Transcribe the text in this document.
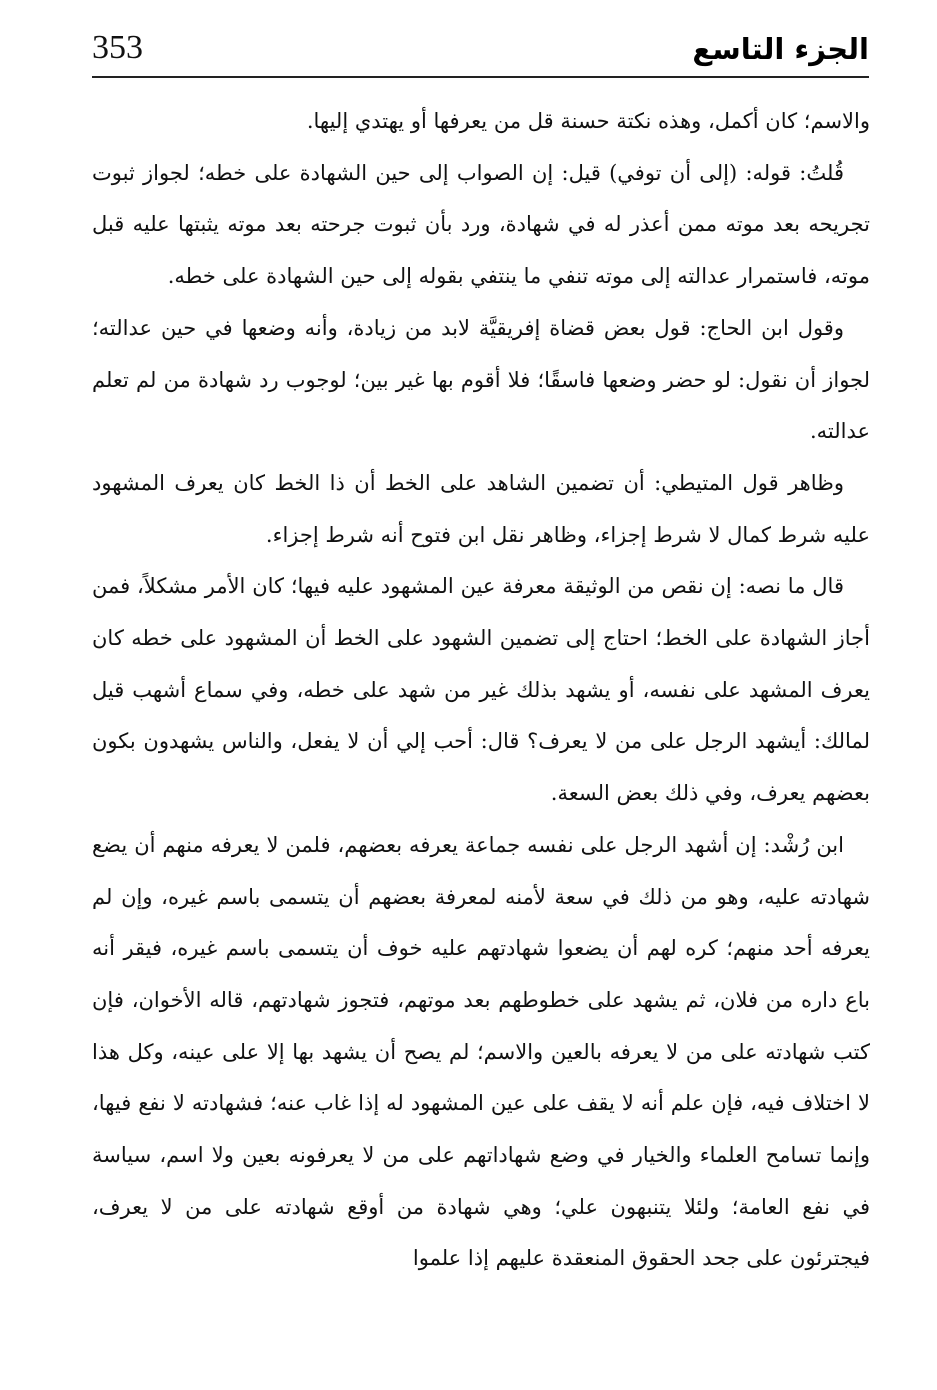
353	الجزء التاسع

والاسم؛ كان أكمل، وهذه نكتة حسنة قل من يعرفها أو يهتدي إليها.

قُلتُ: قوله: (إلى أن توفي) قيل: إن الصواب إلى حين الشهادة على خطه؛ لجواز ثبوت تجريحه بعد موته ممن أعذر له في شهادة، ورد بأن ثبوت جرحته بعد موته يثبتها عليه قبل موته، فاستمرار عدالته إلى موته تنفي ما ينتفي بقوله إلى حين الشهادة على خطه.

وقول ابن الحاج: قول بعض قضاة إفريقيَّة لابد من زيادة، وأنه وضعها في حين عدالته؛ لجواز أن نقول: لو حضر وضعها فاسقًا؛ فلا أقوم بها غير بين؛ لوجوب رد شهادة من لم تعلم عدالته.

وظاهر قول المتيطي: أن تضمين الشاهد على الخط أن ذا الخط كان يعرف المشهود عليه شرط كمال لا شرط إجزاء، وظاهر نقل ابن فتوح أنه شرط إجزاء.

قال ما نصه: إن نقص من الوثيقة معرفة عين المشهود عليه فيها؛ كان الأمر مشكلاً، فمن أجاز الشهادة على الخط؛ احتاج إلى تضمين الشهود على الخط أن المشهود على خطه كان يعرف المشهد على نفسه، أو يشهد بذلك غير من شهد على خطه، وفي سماع أشهب قيل لمالك: أيشهد الرجل على من لا يعرف؟ قال: أحب إلي أن لا يفعل، والناس يشهدون بكون بعضهم يعرف، وفي ذلك بعض السعة.

ابن رُشْد: إن أشهد الرجل على نفسه جماعة يعرفه بعضهم، فلمن لا يعرفه منهم أن يضع شهادته عليه، وهو من ذلك في سعة لأمنه لمعرفة بعضهم أن يتسمى باسم غيره، وإن لم يعرفه أحد منهم؛ كره لهم أن يضعوا شهادتهم عليه خوف أن يتسمى باسم غيره، فيقر أنه باع داره من فلان، ثم يشهد على خطوطهم بعد موتهم، فتجوز شهادتهم، قاله الأخوان، فإن كتب شهادته على من لا يعرفه بالعين والاسم؛ لم يصح أن يشهد بها إلا على عينه، وكل هذا لا اختلاف فيه، فإن علم أنه لا يقف على عين المشهود له إذا غاب عنه؛ فشهادته لا نفع فيها، وإنما تسامح العلماء والخيار في وضع شهاداتهم على من لا يعرفونه بعين ولا اسم، سياسة في نفع العامة؛ ولئلا يتنبهون علي؛ وهي شهادة من أوقع شهادته على من لا يعرف، فيجترئون على جحد الحقوق المنعقدة عليهم إذا علموا
